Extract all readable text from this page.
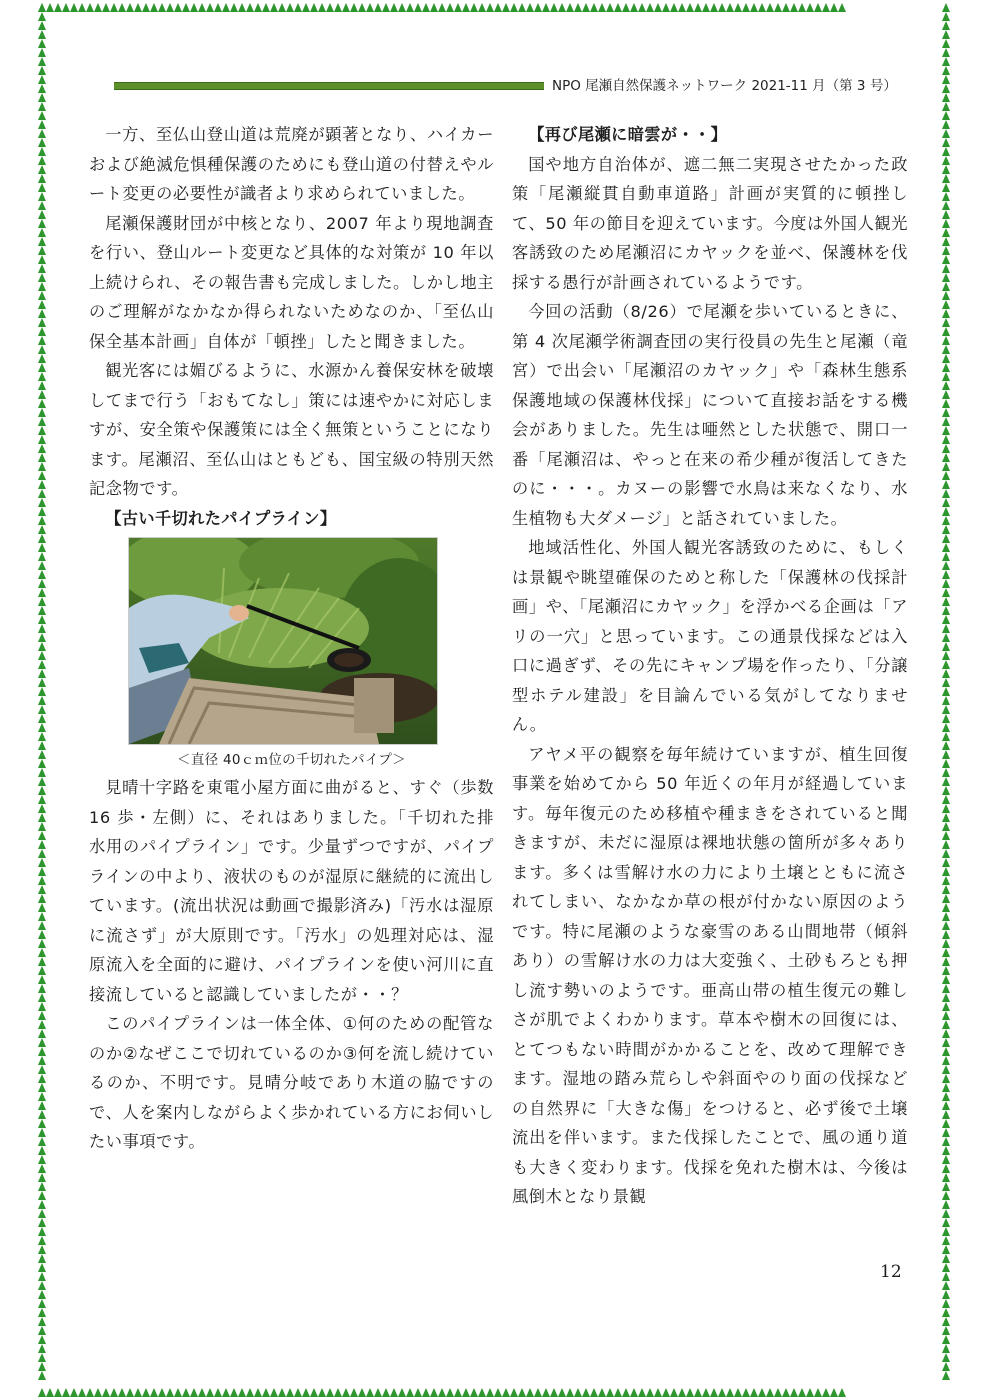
NPO 尾瀬自然保護ネットワーク 2021-11 月（第 3 号）

一方、至仏山登山道は荒廃が顕著となり、ハイカーおよび絶滅危惧種保護のためにも登山道の付替えやルート変更の必要性が識者より求められていました。

尾瀬保護財団が中核となり、2007 年より現地調査を行い、登山ルート変更など具体的な対策が 10 年以上続けられ、その報告書も完成しました。しかし地主のご理解がなかなか得られないためなのか、「至仏山保全基本計画」自体が「頓挫」したと聞きました。

観光客には媚びるように、水源かん養保安林を破壊してまで行う「おもてなし」策には速やかに対応しますが、安全策や保護策には全く無策ということになります。尾瀬沼、至仏山はともども、国宝級の特別天然記念物です。

【古い千切れたパイプライン】

＜直径 40ｃｍ位の千切れたパイプ＞

見晴十字路を東電小屋方面に曲がると、すぐ（歩数 16 歩・左側）に、それはありました。「千切れた排水用のパイプライン」です。少量ずつですが、パイプラインの中より、液状のものが湿原に継続的に流出しています。(流出状況は動画で撮影済み)「汚水は湿原に流さず」が大原則です。「汚水」の処理対応は、湿原流入を全面的に避け、パイプラインを使い河川に直接流していると認識していましたが・・？

このパイプラインは一体全体、①何のための配管なのか②なぜここで切れているのか③何を流し続けているのか、不明です。見晴分岐であり木道の脇ですので、人を案内しながらよく歩かれている方にお伺いしたい事項です。

【再び尾瀬に暗雲が・・】

国や地方自治体が、遮二無二実現させたかった政策「尾瀬縦貫自動車道路」計画が実質的に頓挫して、50 年の節目を迎えています。今度は外国人観光客誘致のため尾瀬沼にカヤックを並べ、保護林を伐採する愚行が計画されているようです。

今回の活動（8/26）で尾瀬を歩いているときに、第 4 次尾瀬学術調査団の実行役員の先生と尾瀬（竜宮）で出会い「尾瀬沼のカヤック」や「森林生態系保護地域の保護林伐採」について直接お話をする機会がありました。先生は唖然とした状態で、開口一番「尾瀬沼は、やっと在来の希少種が復活してきたのに・・・。カヌーの影響で水鳥は来なくなり、水生植物も大ダメージ」と話されていました。

地域活性化、外国人観光客誘致のために、もしくは景観や眺望確保のためと称した「保護林の伐採計画」や、「尾瀬沼にカヤック」を浮かべる企画は「アリの一穴」と思っています。この通景伐採などは入口に過ぎず、その先にキャンプ場を作ったり、「分譲型ホテル建設」を目論んでいる気がしてなりません。

アヤメ平の観察を毎年続けていますが、植生回復事業を始めてから 50 年近くの年月が経過しています。毎年復元のため移植や種まきをされていると聞きますが、未だに湿原は裸地状態の箇所が多々あります。多くは雪解け水の力により土壌とともに流されてしまい、なかなか草の根が付かない原因のようです。特に尾瀬のような豪雪のある山間地帯（傾斜あり）の雪解け水の力は大変強く、土砂もろとも押し流す勢いのようです。亜高山帯の植生復元の難しさが肌でよくわかります。草本や樹木の回復には、とてつもない時間がかかることを、改めて理解できます。湿地の踏み荒らしや斜面やのり面の伐採などの自然界に「大きな傷」をつけると、必ず後で土壌流出を伴います。また伐採したことで、風の通り道も大きく変わります。伐採を免れた樹木は、今後は風倒木となり景観

12
